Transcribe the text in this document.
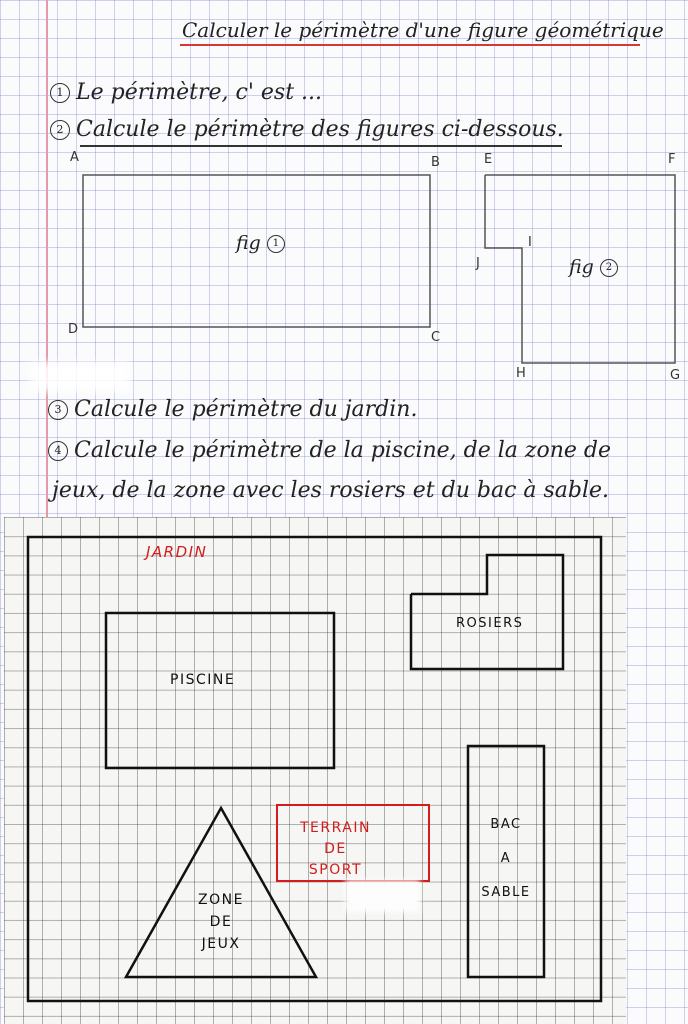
Calculer le périmètre d'une figure géométrique
1 Le périmètre, c' est ...
2 Calcule le périmètre des figures ci-dessous.
A	B
C
D
fig 1
E	F
G
H
I
J	fig 2
3 Calcule le périmètre du jardin.
4 Calcule le périmètre de la piscine, de la zone de
jeux, de la zone avec les rosiers et du bac à sable.
JARDIN
PISCINE
ROSIERS
TERRAIN
DE
SPORT
ZONE
DE
JEUX
BAC
A
SABLE
